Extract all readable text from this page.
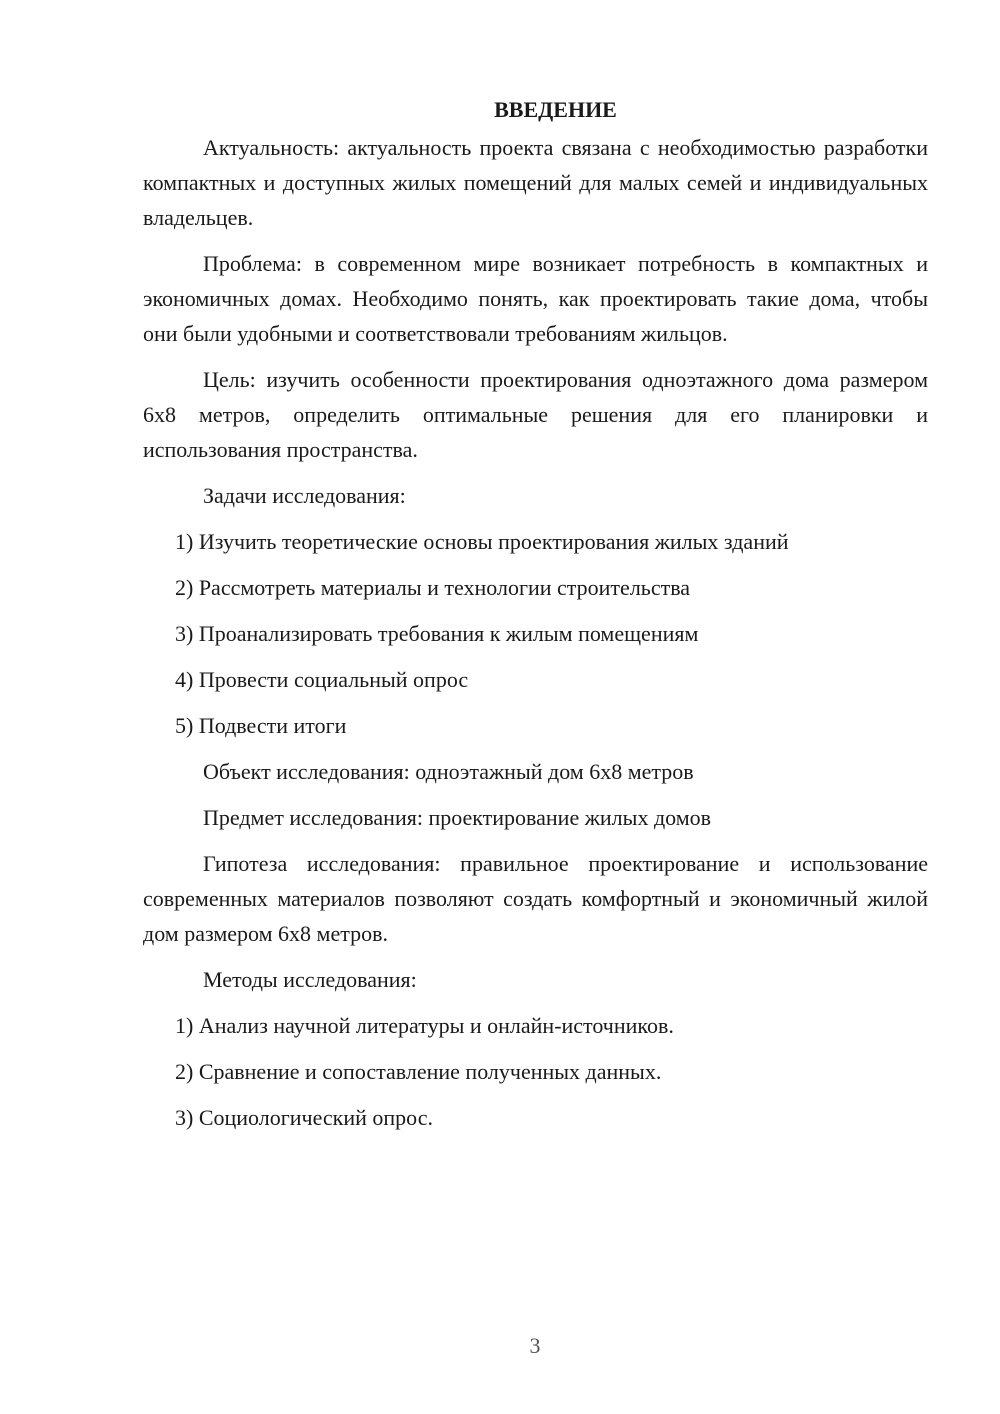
ВВЕДЕНИЕ

Актуальность: актуальность проекта связана с необходимостью разработки компактных и доступных жилых помещений для малых семей и индивидуальных владельцев.

Проблема: в современном мире возникает потребность в компактных и экономичных домах. Необходимо понять, как проектировать такие дома, чтобы они были удобными и соответствовали требованиям жильцов.

Цель: изучить особенности проектирования одноэтажного дома размером 6х8 метров, определить оптимальные решения для его планировки и использования пространства.

Задачи исследования:
1) Изучить теоретические основы проектирования жилых зданий
2) Рассмотреть материалы и технологии строительства
3) Проанализировать требования к жилым помещениям
4) Провести социальный опрос
5) Подвести итоги
Объект исследования: одноэтажный дом 6х8 метров
Предмет исследования: проектирование жилых домов

Гипотеза исследования: правильное проектирование и использование современных материалов позволяют создать комфортный и экономичный жилой дом размером 6х8 метров.

Методы исследования:
1) Анализ научной литературы и онлайн-источников.
2) Сравнение и сопоставление полученных данных.
3) Социологический опрос.
3
